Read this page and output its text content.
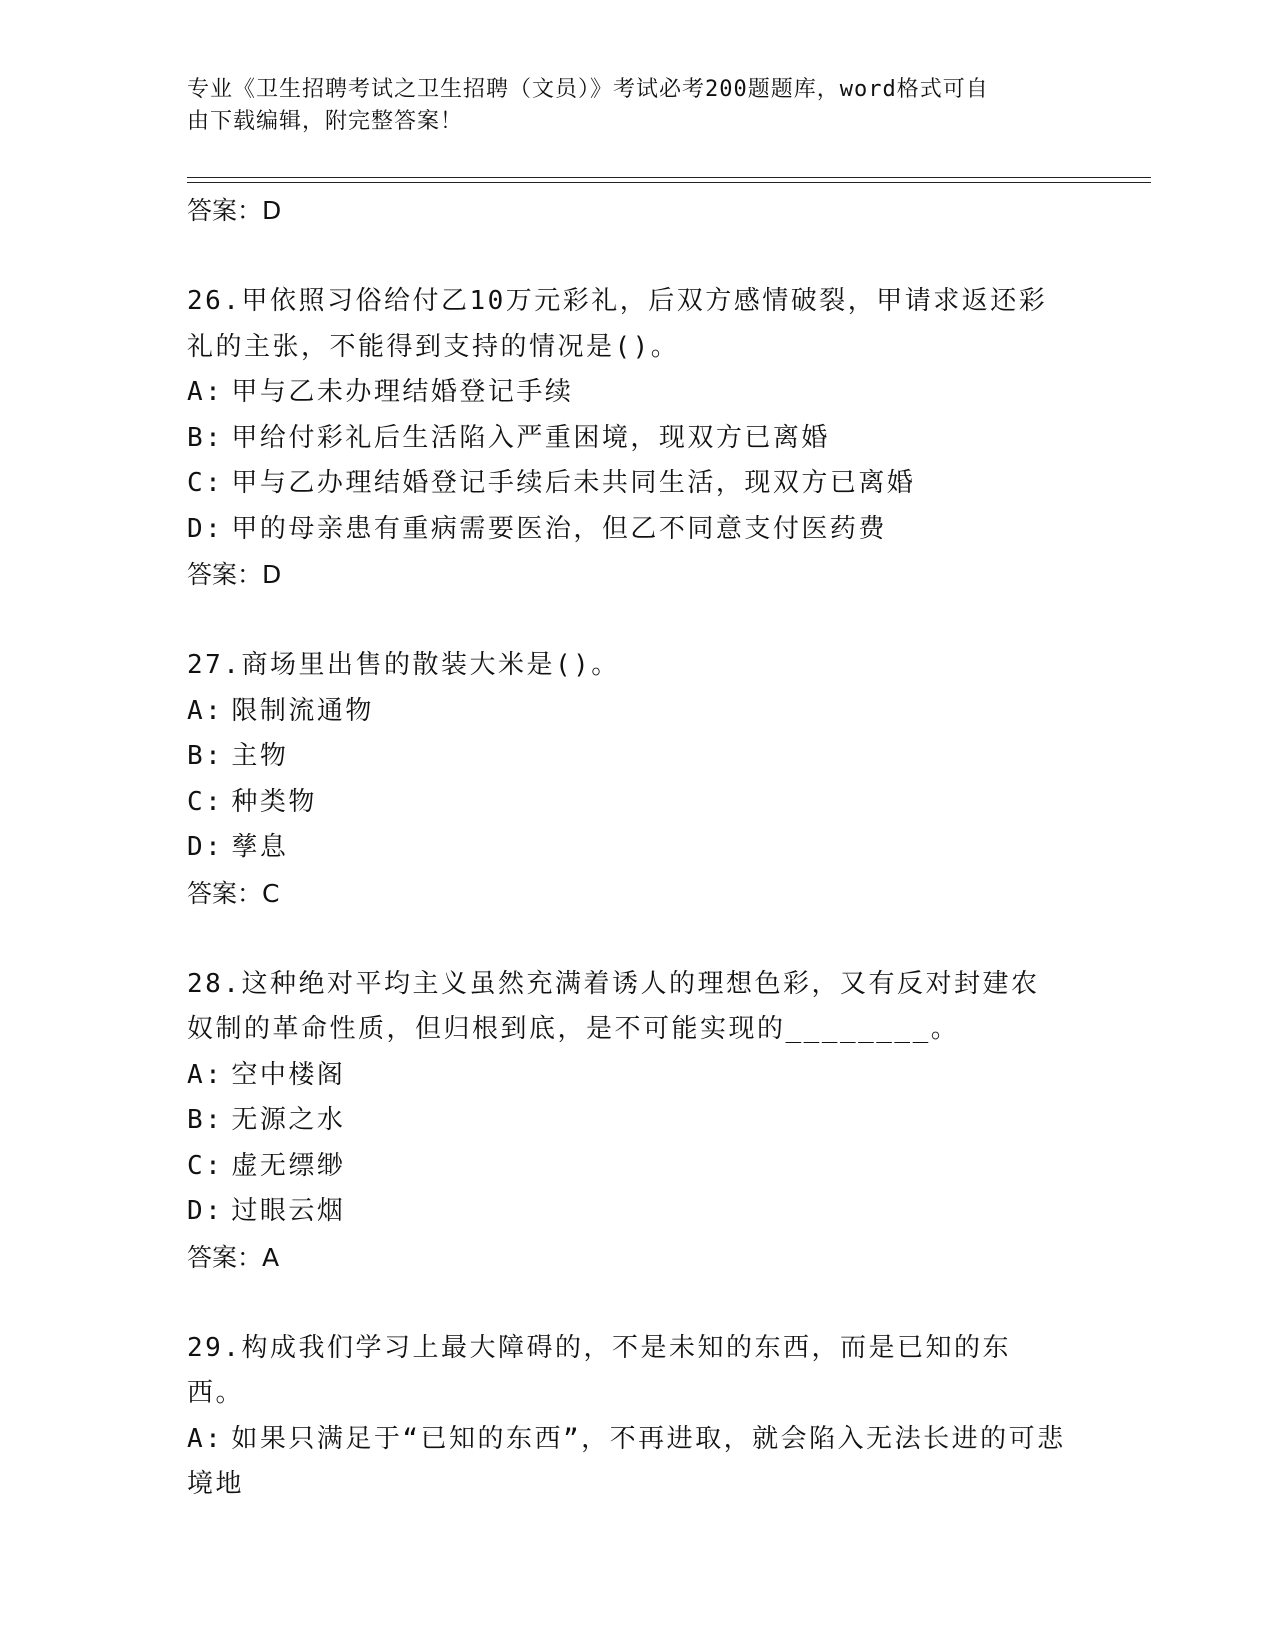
专业《卫生招聘考试之卫生招聘（文员）》考试必考200题题库，word格式可自
由下载编辑，附完整答案！
答案：D
26.甲依照习俗给付乙10万元彩礼，后双方感情破裂，甲请求返还彩礼的主张，不能得到支持的情况是()。
A: 甲与乙未办理结婚登记手续
B: 甲给付彩礼后生活陷入严重困境，现双方已离婚
C: 甲与乙办理结婚登记手续后未共同生活，现双方已离婚
D: 甲的母亲患有重病需要医治，但乙不同意支付医药费
答案：D
27.商场里出售的散装大米是()。
A: 限制流通物
B: 主物
C: 种类物
D: 孳息
答案：C
28.这种绝对平均主义虽然充满着诱人的理想色彩，又有反对封建农奴制的革命性质，但归根到底，是不可能实现的________。
A: 空中楼阁
B: 无源之水
C: 虚无缥缈
D: 过眼云烟
答案：A
29.构成我们学习上最大障碍的，不是未知的东西，而是已知的东西。
A: 如果只满足于“已知的东西”，不再进取，就会陷入无法长进的可悲境地
